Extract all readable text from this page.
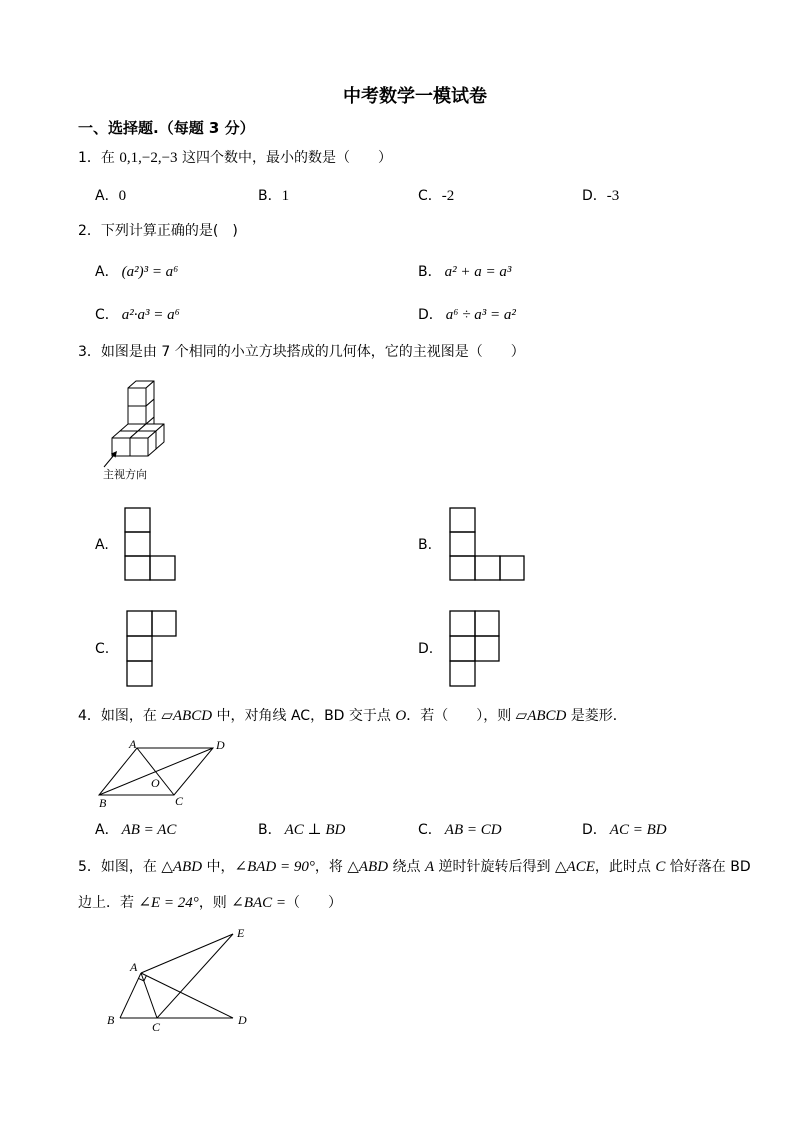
A	D
B	C
O
E
A
B	C	D
中考数学一模试卷
一、选择题.（每题 3 分）
1．在 0,1,−2,−3 这四个数中，最小的数是（　　）
A．0	B．1	C．-2	D．-3
2．下列计算正确的是(　)
A． (a²)³ = a⁶	B． a² + a = a³
C． a²·a³ = a⁶	D． a⁶ ÷ a³ = a²
3．如图是由 7 个相同的小立方块搭成的几何体，它的主视图是（　　）
主视方向
A.	B.
C.	D.
4．如图，在 ▱ABCD 中，对角线 AC，BD 交于点 O．若（　　），则 ▱ABCD 是菱形．
A． AB = AC	B． AC ⊥ BD	C． AB = CD	D． AC = BD
5．如图，在 △ABD 中，∠BAD = 90°，将 △ABD 绕点 A 逆时针旋转后得到 △ACE，此时点 C 恰好落在 BD
边上．若 ∠E = 24°，则 ∠BAC =（　　）
